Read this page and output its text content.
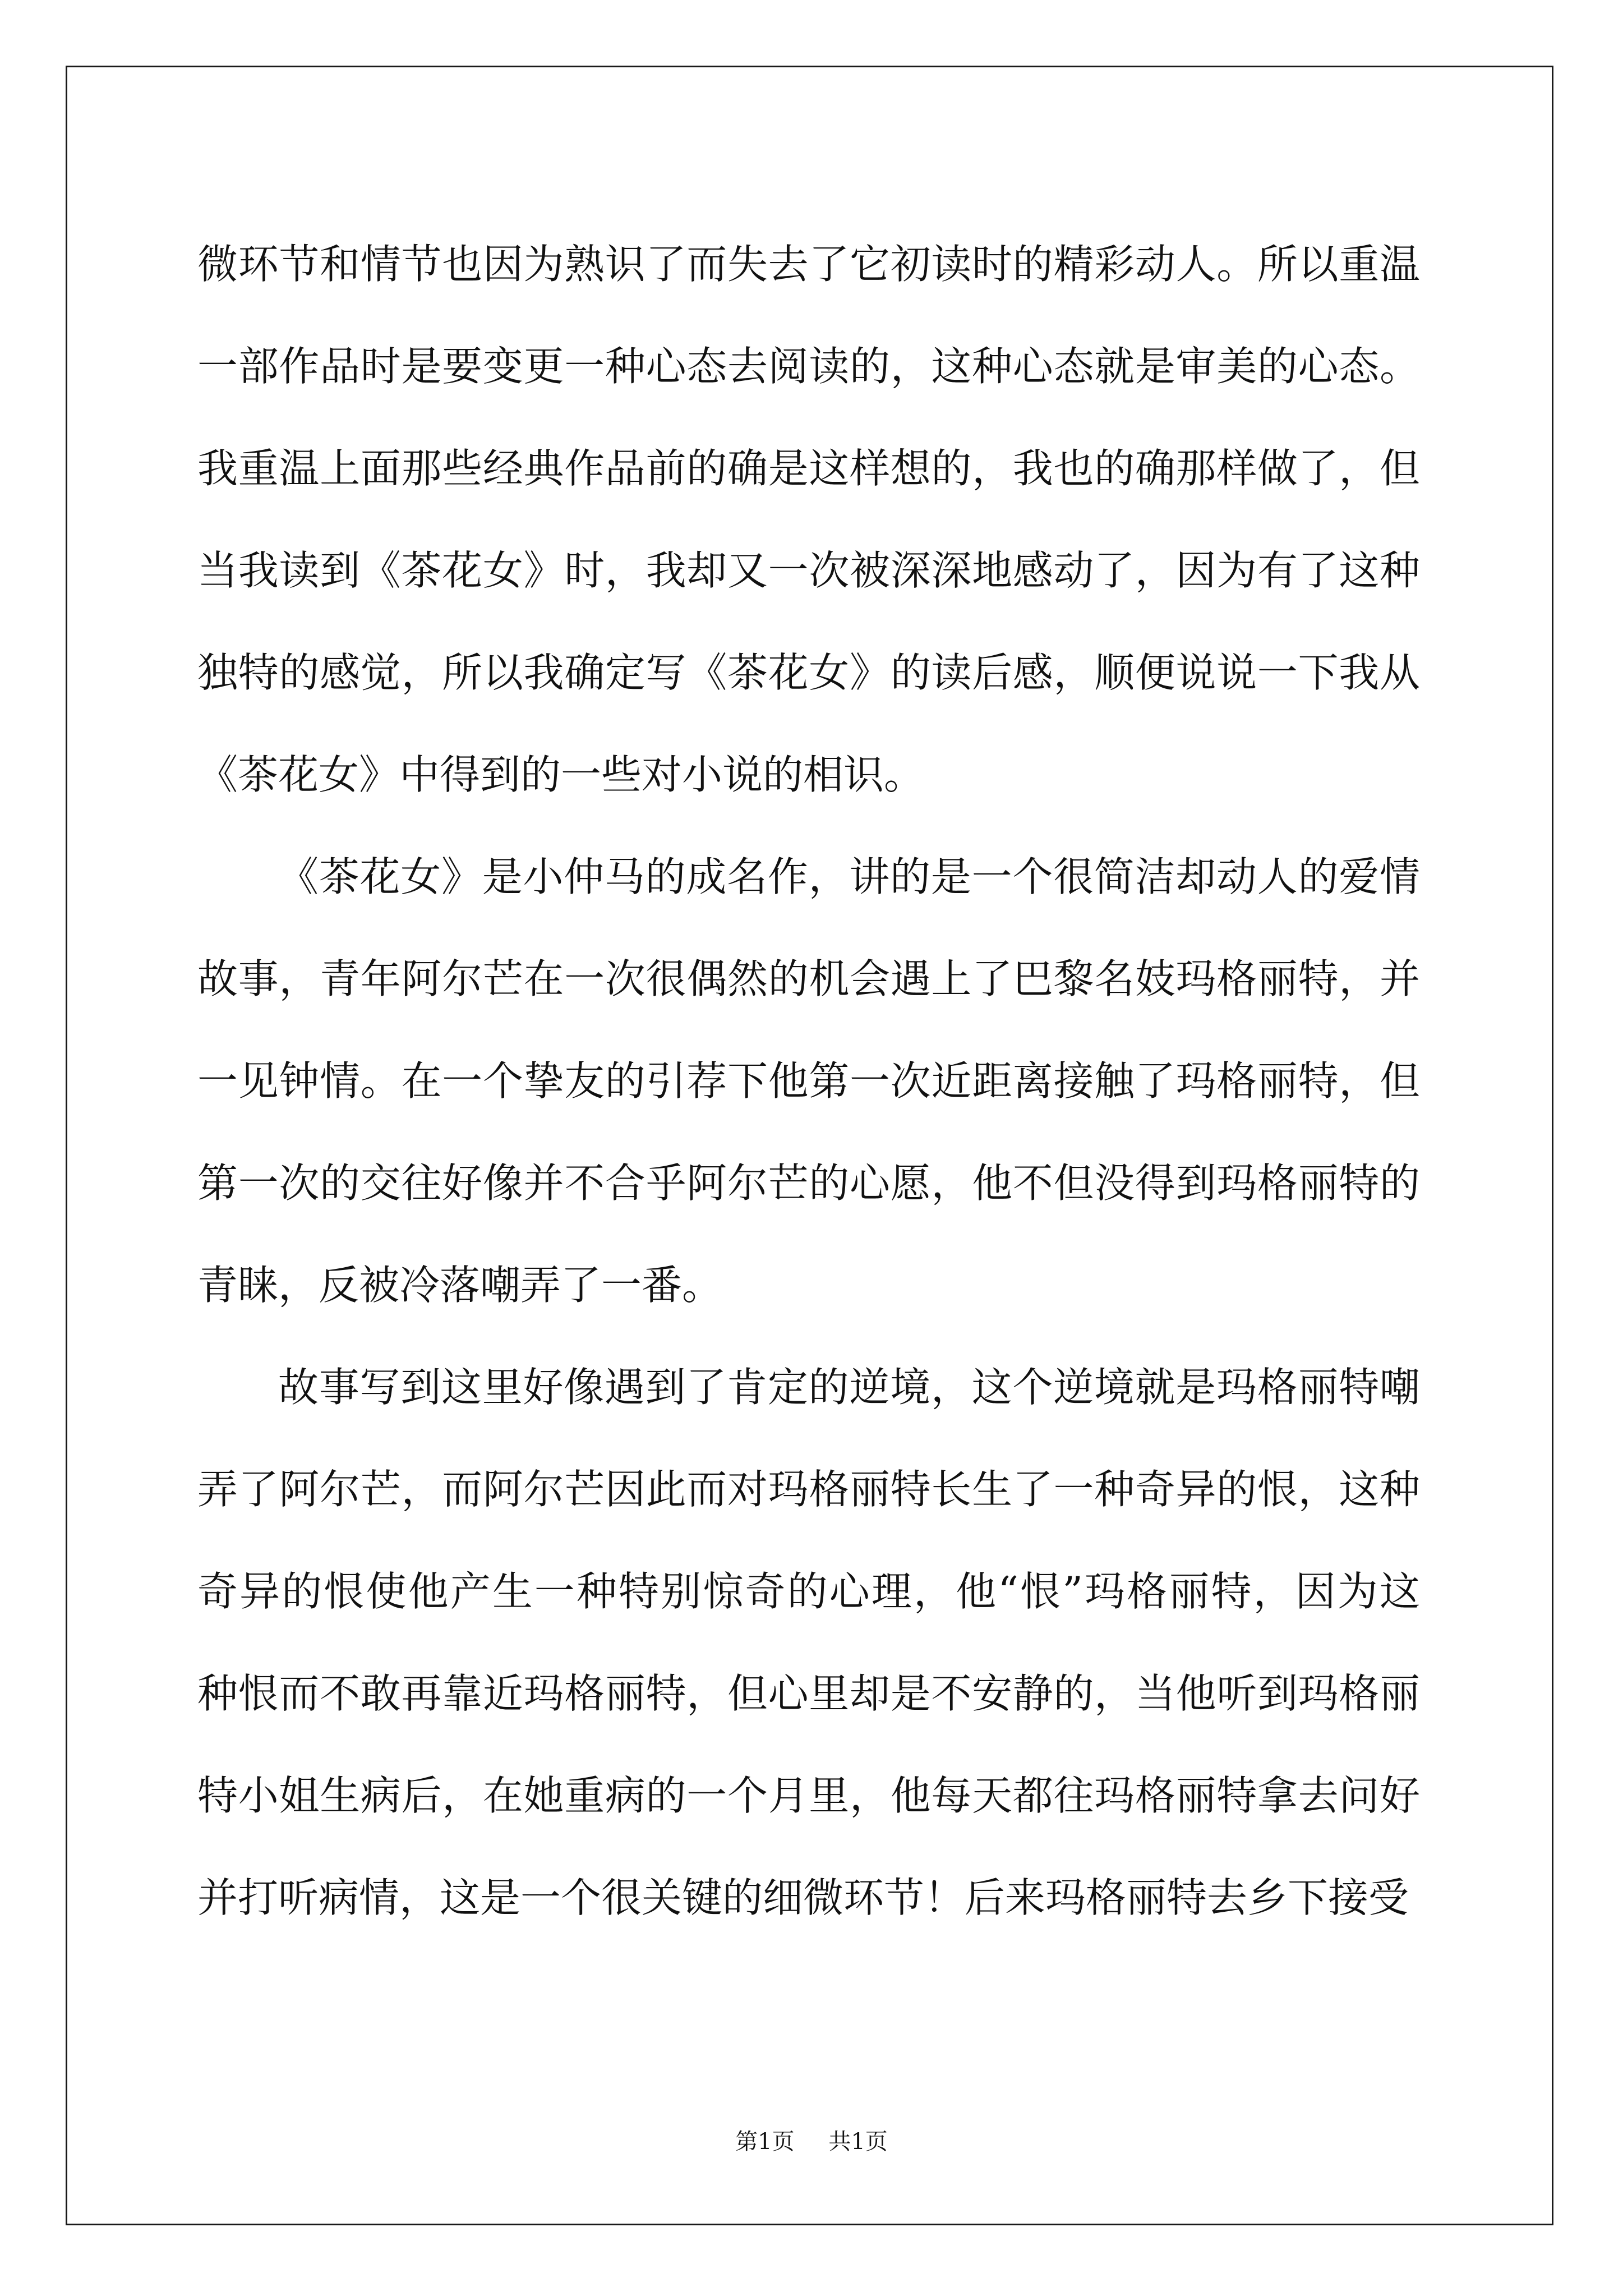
微环节和情节也因为熟识了而失去了它初读时的精彩动人。所以重温
一部作品时是要变更一种心态去阅读的，这种心态就是审美的心态。
我重温上面那些经典作品前的确是这样想的，我也的确那样做了，但
当我读到《茶花女》时，我却又一次被深深地感动了，因为有了这种
独特的感觉，所以我确定写《茶花女》的读后感，顺便说说一下我从
《茶花女》中得到的一些对小说的相识。
《茶花女》是小仲马的成名作，讲的是一个很简洁却动人的爱情
故事，青年阿尔芒在一次很偶然的机会遇上了巴黎名妓玛格丽特，并
一见钟情。在一个挚友的引荐下他第一次近距离接触了玛格丽特，但
第一次的交往好像并不合乎阿尔芒的心愿，他不但没得到玛格丽特的
青睐，反被冷落嘲弄了一番。
故事写到这里好像遇到了肯定的逆境，这个逆境就是玛格丽特嘲
弄了阿尔芒，而阿尔芒因此而对玛格丽特长生了一种奇异的恨，这种
奇异的恨使他产生一种特别惊奇的心理，他“恨”玛格丽特，因为这
种恨而不敢再靠近玛格丽特，但心里却是不安静的，当他听到玛格丽
特小姐生病后，在她重病的一个月里，他每天都往玛格丽特拿去问好
并打听病情，这是一个很关键的细微环节！后来玛格丽特去乡下接受
第1页 共1页
